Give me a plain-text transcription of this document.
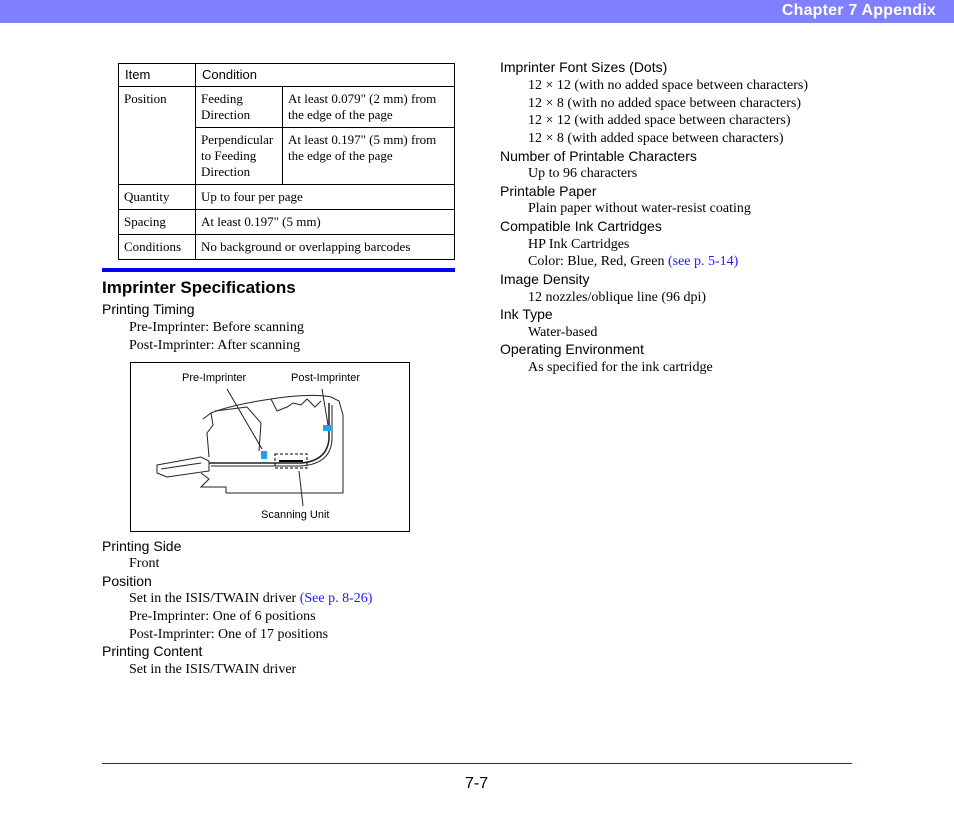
Chapter 7 Appendix
Item	Condition	
Position	Feeding Direction	At least 0.079" (2 mm) from the edge of the page
	Perpendicular to Feeding Direction	At least 0.197" (5 mm) from the edge of the page
Quantity	Up to four per page	
Spacing	At least 0.197" (5 mm)	
Conditions	No background or overlapping barcodes	
Imprinter Specifications
Printing Timing
Pre-Imprinter: Before scanning
Post-Imprinter: After scanning
Pre-Imprinter	Post-Imprinter
Scanning Unit
Printing Side
Front
Position
Set in the ISIS/TWAIN driver (See p. 8-26)
Pre-Imprinter: One of 6 positions
Post-Imprinter: One of 17 positions
Printing Content
Set in the ISIS/TWAIN driver
Imprinter Font Sizes (Dots)
12 × 12 (with no added space between characters)
12 × 8 (with no added space between characters)
12 × 12 (with added space between characters)
12 × 8 (with added space between characters)
Number of Printable Characters
Up to 96 characters
Printable Paper
Plain paper without water-resist coating
Compatible Ink Cartridges
HP Ink Cartridges
Color: Blue, Red, Green (see p. 5-14)
Image Density
12 nozzles/oblique line (96 dpi)
Ink Type
Water-based
Operating Environment
As specified for the ink cartridge
7-7
